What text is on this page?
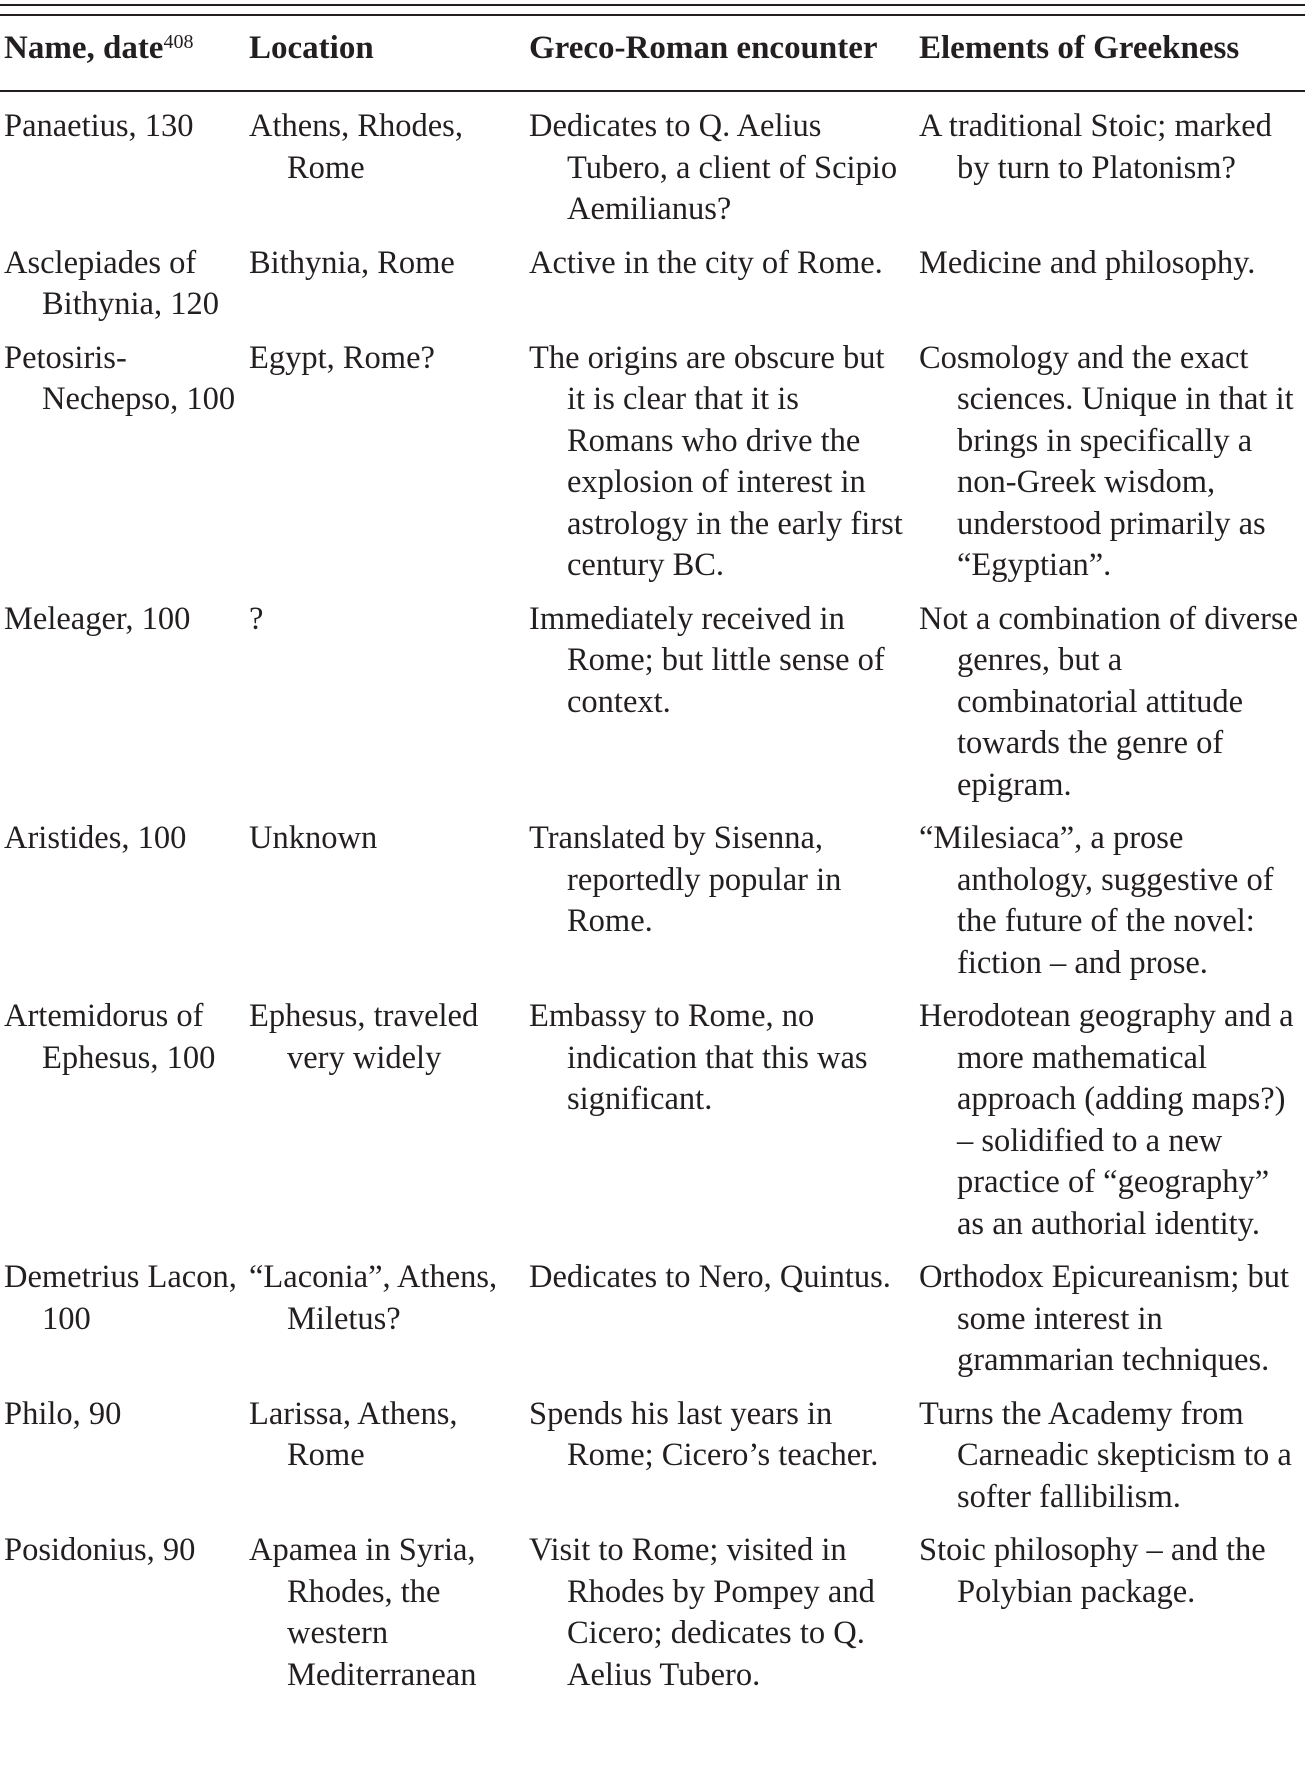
Name, date$^{408}$	Location	Greco-Roman encounter	Elements of Greekness

Panaetius, 130	Athens, Rhodes, Rome	Dedicates to Q. Aelius Tubero, a client of Scipio Aemilianus?	A traditional Stoic; marked by turn to Platonism?

Asclepiades of Bithynia, 120	Bithynia, Rome	Active in the city of Rome.	Medicine and philosophy.

Petosiris-Nechepso, 100	Egypt, Rome?	The origins are obscure but it is clear that it is Romans who drive the explosion of interest in astrology in the early first century BC.	Cosmology and the exact sciences. Unique in that it brings in specifically a non-Greek wisdom, understood primarily as “Egyptian”.

Meleager, 100	?	Immediately received in Rome; but little sense of context.	Not a combination of diverse genres, but a combinatorial attitude towards the genre of epigram.

Aristides, 100	Unknown	Translated by Sisenna, reportedly popular in Rome.	“Milesiaca”, a prose anthology, suggestive of the future of the novel: fiction – and prose.

Artemidorus of Ephesus, 100	Ephesus, traveled very widely	Embassy to Rome, no indication that this was significant.	Herodotean geography and a more mathematical approach (adding maps?) – solidified to a new practice of “geography” as an authorial identity.

Demetrius Lacon, 100	“Laconia”, Athens, Miletus?	Dedicates to Nero, Quintus.	Orthodox Epicureanism; but some interest in grammarian techniques.

Philo, 90	Larissa, Athens, Rome	Spends his last years in Rome; Cicero’s teacher.	Turns the Academy from Carneadic skepticism to a softer fallibilism.

Posidonius, 90	Apamea in Syria, Rhodes, the western Mediterranean	Visit to Rome; visited in Rhodes by Pompey and Cicero; dedicates to Q. Aelius Tubero.	Stoic philosophy – and the Polybian package.
